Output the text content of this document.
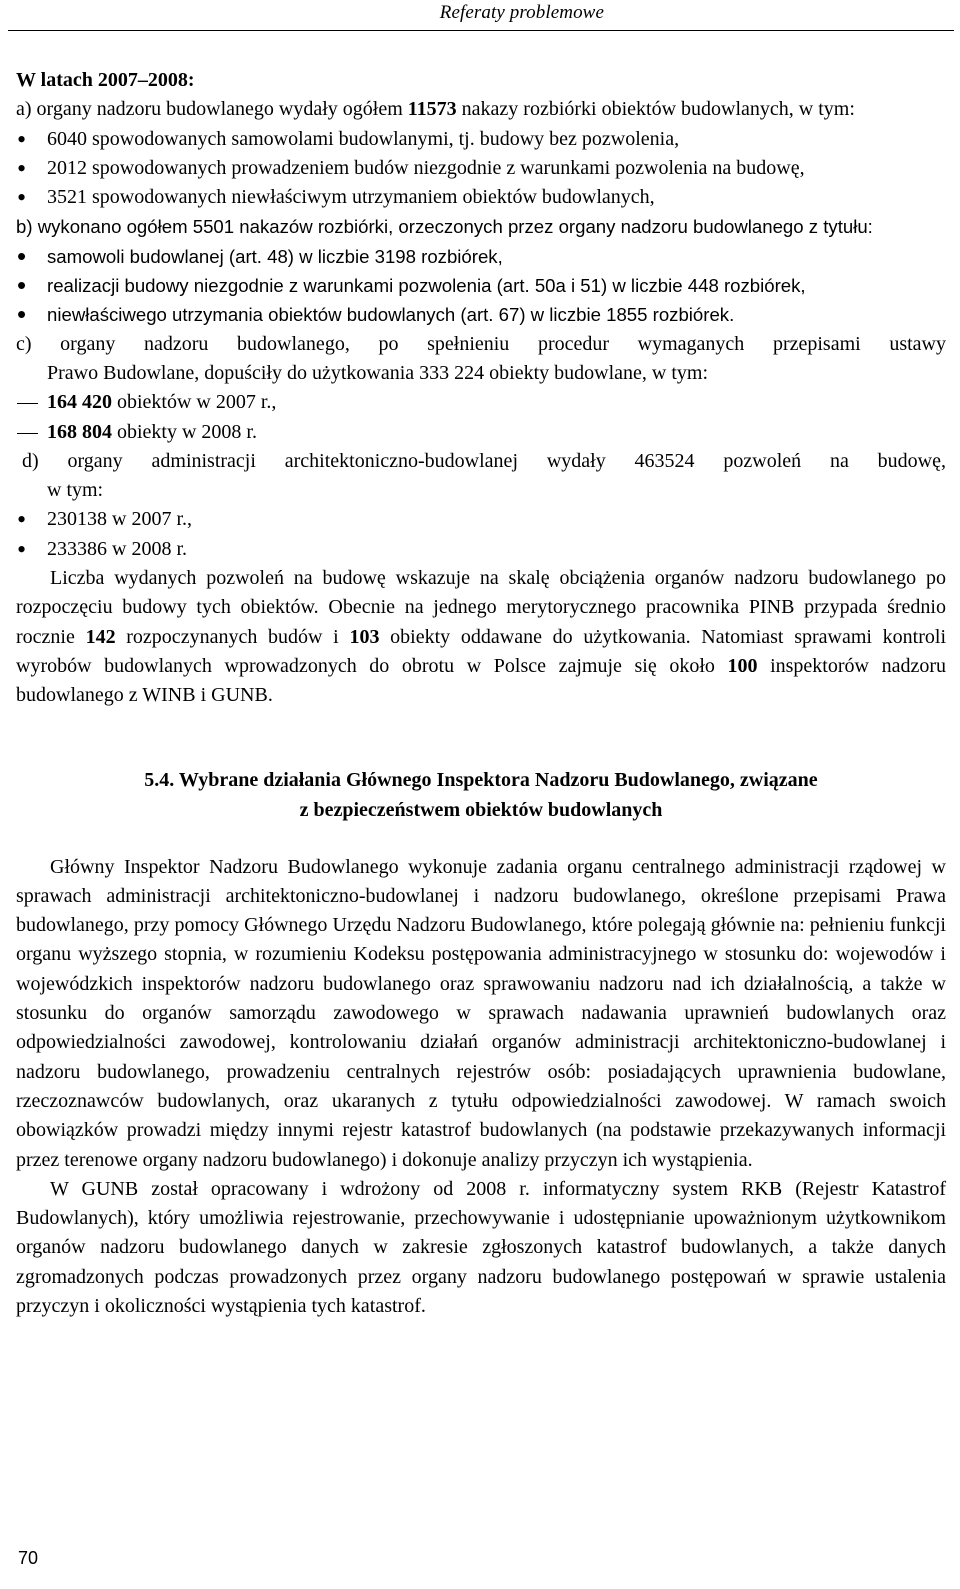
Referaty problemowe

W latach 2007–2008:

a) organy nadzoru budowlanego wydały ogółem 11573 nakazy rozbiórki obiektów budowlanych, w tym:

• 6040 spowodowanych samowolami budowlanymi, tj. budowy bez pozwolenia,

• 2012 spowodowanych prowadzeniem budów niezgodnie z warunkami pozwolenia na budowę,

• 3521 spowodowanych niewłaściwym utrzymaniem obiektów budowlanych,

b) wykonano ogółem 5501 nakazów rozbiórki, orzeczonych przez organy nadzoru budowlanego z tytułu:

• samowoli budowlanej (art. 48) w liczbie 3198 rozbiórek,

• realizacji budowy niezgodnie z warunkami pozwolenia (art. 50a i 51) w liczbie 448 rozbiórek,

• niewłaściwego utrzymania obiektów budowlanych (art. 67) w liczbie 1855 rozbiórek.

c) organy nadzoru budowlanego, po spełnieniu procedur wymaganych przepisami ustawy

Prawo Budowlane, dopuściły do użytkowania 333 224 obiekty budowlane, w tym:

164 420 obiektów w 2007 r.,

168 804 obiekty w 2008 r.

d) organy administracji architektoniczno-budowlanej wydały 463524 pozwoleń na budowę,

w tym:

• 230138 w 2007 r.,

• 233386 w 2008 r.

Liczba wydanych pozwoleń na budowę wskazuje na skalę obciążenia organów nadzoru budowlanego po rozpoczęciu budowy tych obiektów. Obecnie na jednego merytorycznego pracownika PINB przypada średnio rocznie 142 rozpoczynanych budów i 103 obiekty oddawane do użytkowania. Natomiast sprawami kontroli wyrobów budowlanych wprowadzonych do obrotu w Polsce zajmuje się około 100 inspektorów nadzoru budowlanego z WINB i GUNB.

5.4. Wybrane działania Głównego Inspektora Nadzoru Budowlanego, związane
z bezpieczeństwem obiektów budowlanych

Główny Inspektor Nadzoru Budowlanego wykonuje zadania organu centralnego administracji rządowej w sprawach administracji architektoniczno-budowlanej i nadzoru budowlanego, określone przepisami Prawa budowlanego, przy pomocy Głównego Urzędu Nadzoru Budowlanego, które polegają głównie na: pełnieniu funkcji organu wyższego stopnia, w rozumieniu Kodeksu postępowania administracyjnego w stosunku do: wojewodów i wojewódzkich inspektorów nadzoru budowlanego oraz sprawowaniu nadzoru nad ich działalnością, a także w stosunku do organów samorządu zawodowego w sprawach nadawania uprawnień budowlanych oraz odpowiedzialności zawodowej, kontrolowaniu działań organów administracji architektoniczno-budowlanej i nadzoru budowlanego, prowadzeniu centralnych rejestrów osób: posiadających uprawnienia budowlane, rzeczoznawców budowlanych, oraz ukaranych z tytułu odpowiedzialności zawodowej. W ramach swoich obowiązków prowadzi między innymi rejestr katastrof budowlanych (na podstawie przekazywanych informacji przez terenowe organy nadzoru budowlanego) i dokonuje analizy przyczyn ich wystąpienia.

W GUNB został opracowany i wdrożony od 2008 r. informatyczny system RKB (Rejestr Katastrof Budowlanych), który umożliwia rejestrowanie, przechowywanie i udostępnianie upoważnionym użytkownikom organów nadzoru budowlanego danych w zakresie zgłoszonych katastrof budowlanych, a także danych zgromadzonych podczas prowadzonych przez organy nadzoru budowlanego postępowań w sprawie ustalenia przyczyn i okoliczności wystąpienia tych katastrof.

70
